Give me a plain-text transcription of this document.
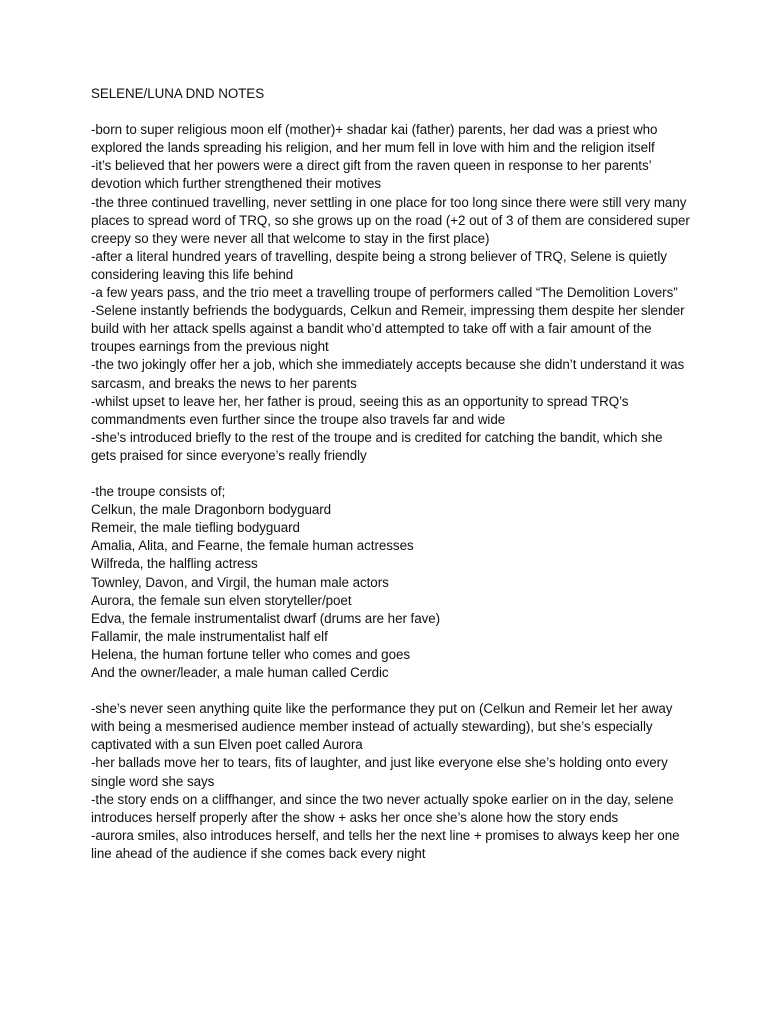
SELENE/LUNA DND NOTES

-born to super religious moon elf (mother)+ shadar kai (father) parents, her dad was a priest who explored the lands spreading his religion, and her mum fell in love with him and the religion itself

-it’s believed that her powers were a direct gift from the raven queen in response to her parents’ devotion which further strengthened their motives

-the three continued travelling, never settling in one place for too long since there were still very many places to spread word of TRQ, so she grows up on the road (+2 out of 3 of them are considered super creepy so they were never all that welcome to stay in the first place)

-after a literal hundred years of travelling, despite being a strong believer of TRQ, Selene is quietly considering leaving this life behind

-a few years pass, and the trio meet a travelling troupe of performers called “The Demolition Lovers”

-Selene instantly befriends the bodyguards, Celkun and Remeir, impressing them despite her slender build with her attack spells against a bandit who’d attempted to take off with a fair amount of the troupes earnings from the previous night

-the two jokingly offer her a job, which she immediately accepts because she didn’t understand it was sarcasm, and breaks the news to her parents

-whilst upset to leave her, her father is proud, seeing this as an opportunity to spread TRQ’s commandments even further since the troupe also travels far and wide

-she’s introduced briefly to the rest of the troupe and is credited for catching the bandit, which she gets praised for since everyone’s really friendly

-the troupe consists of;

Celkun, the male Dragonborn bodyguard

Remeir, the male tiefling bodyguard

Amalia, Alita, and Fearne, the female human actresses

Wilfreda, the halfling actress

Townley, Davon, and Virgil, the human male actors

Aurora, the female sun elven storyteller/poet

Edva, the female instrumentalist dwarf (drums are her fave)

Fallamir, the male instrumentalist half elf

Helena, the human fortune teller who comes and goes

And the owner/leader, a male human called Cerdic

-she’s never seen anything quite like the performance they put on (Celkun and Remeir let her away with being a mesmerised audience member instead of actually stewarding), but she’s especially captivated with a sun Elven poet called Aurora

-her ballads move her to tears, fits of laughter, and just like everyone else she’s holding onto every single word she says

-the story ends on a cliffhanger, and since the two never actually spoke earlier on in the day, selene introduces herself properly after the show + asks her once she’s alone how the story ends

-aurora smiles, also introduces herself, and tells her the next line + promises to always keep her one line ahead of the audience if she comes back every night
